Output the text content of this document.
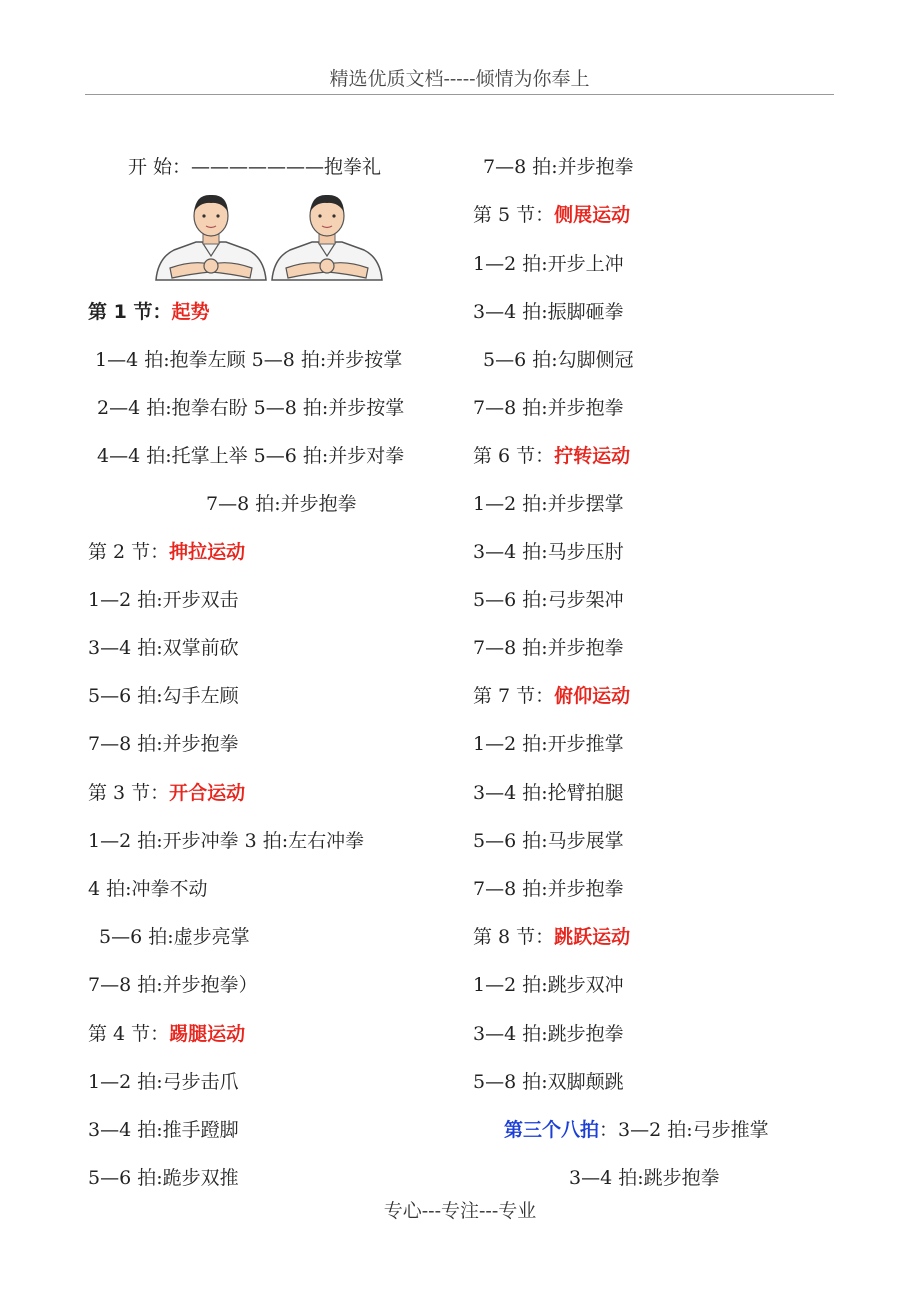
精选优质文档-----倾情为你奉上
开 始：———————抱拳礼
第 1 节：起势
1—4 拍:抱拳左顾 5—8 拍:并步按掌
2—4 拍:抱拳右盼 5—8 拍:并步按掌
4—4 拍:托掌上举 5—6 拍:并步对拳
7—8 拍:并步抱拳
第 2 节：抻拉运动
1—2 拍:开步双击
3—4 拍:双掌前砍
5—6 拍:勾手左顾
7—8 拍:并步抱拳
第 3 节：开合运动
1—2 拍:开步冲拳 3 拍:左右冲拳
4 拍:冲拳不动
5—6 拍:虚步亮掌
7—8 拍:并步抱拳）
第 4 节：踢腿运动
1—2 拍:弓步击爪
3—4 拍:推手蹬脚
5—6 拍:跪步双推
7—8 拍:并步抱拳
第 5 节：侧展运动
1—2 拍:开步上冲
3—4 拍:振脚砸拳
5—6 拍:勾脚侧冠
7—8 拍:并步抱拳
第 6 节：拧转运动
1—2 拍:并步摆掌
3—4 拍:马步压肘
5—6 拍:弓步架冲
7—8 拍:并步抱拳
第 7 节：俯仰运动
1—2 拍:开步推掌
3—4 拍:抡臂拍腿
5—6 拍:马步展掌
7—8 拍:并步抱拳
第 8 节：跳跃运动
1—2 拍:跳步双冲
3—4 拍:跳步抱拳
5—8 拍:双脚颠跳
第三个八拍：3—2 拍:弓步推掌
3—4 拍:跳步抱拳
专心---专注---专业
